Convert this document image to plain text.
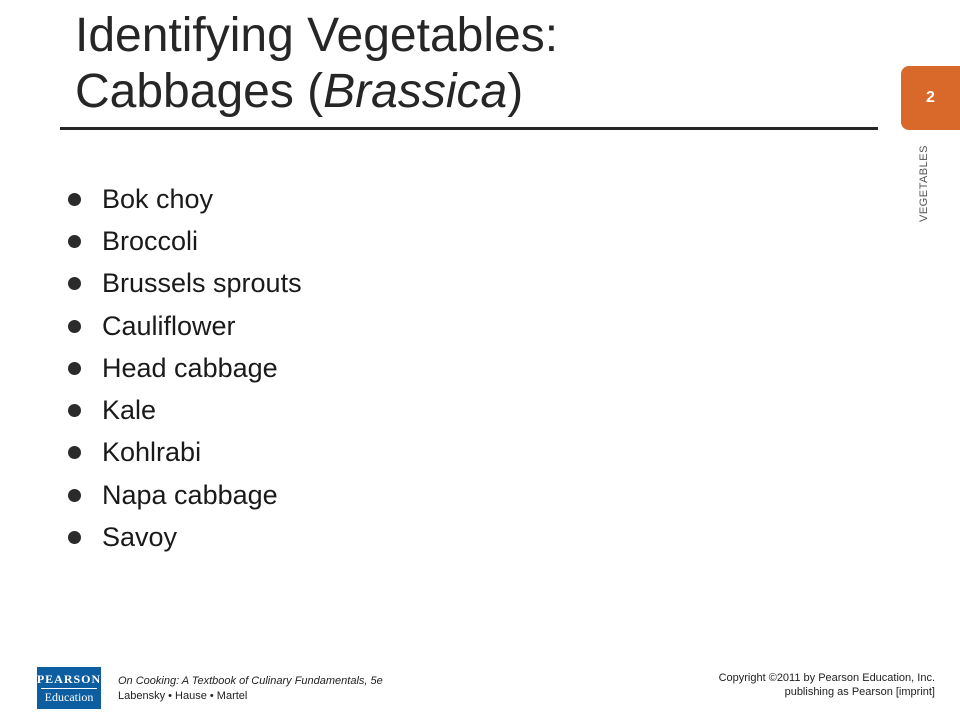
Identifying Vegetables:
Cabbages (Brassica)	2
VEGETABLES
Bok choy
Broccoli
Brussels sprouts
Cauliflower
Head cabbage
Kale
Kohlrabi
Napa cabbage
Savoy
PEARSON
Education
On Cooking: A Textbook of Culinary Fundamentals, 5e
Labensky • Hause • Martel
Copyright ©2011 by Pearson Education, Inc.
publishing as Pearson [imprint]
